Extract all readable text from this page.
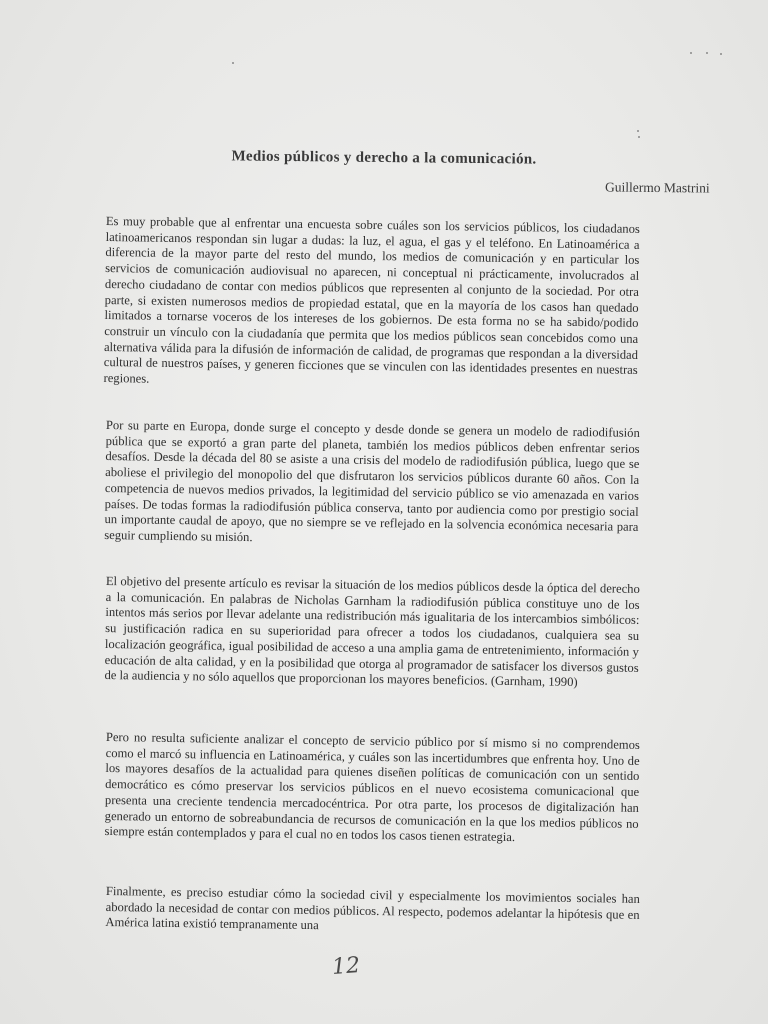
Medios públicos y derecho a la comunicación.
Guillermo Mastrini
Es muy probable que al enfrentar una encuesta sobre cuáles son los servicios públicos, los ciudadanos latinoamericanos respondan sin lugar a dudas: la luz, el agua, el gas y el teléfono. En Latinoamérica a diferencia de la mayor parte del resto del mundo, los medios de comunicación y en particular los servicios de comunicación audiovisual no aparecen, ni conceptual ni prácticamente, involucrados al derecho ciudadano de contar con medios públicos que representen al conjunto de la sociedad. Por otra parte, si existen numerosos medios de propiedad estatal, que en la mayoría de los casos han quedado limitados a tornarse voceros de los intereses de los gobiernos. De esta forma no se ha sabido/podido construir un vínculo con la ciudadanía que permita que los medios públicos sean concebidos como una alternativa válida para la difusión de información de calidad, de programas que respondan a la diversidad cultural de nuestros países, y generen ficciones que se vinculen con las identidades presentes en nuestras regiones.
Por su parte en Europa, donde surge el concepto y desde donde se genera un modelo de radiodifusión pública que se exportó a gran parte del planeta, también los medios públicos deben enfrentar serios desafíos. Desde la década del 80 se asiste a una crisis del modelo de radiodifusión pública, luego que se aboliese el privilegio del monopolio del que disfrutaron los servicios públicos durante 60 años. Con la competencia de nuevos medios privados, la legitimidad del servicio público se vio amenazada en varios países. De todas formas la radiodifusión pública conserva, tanto por audiencia como por prestigio social un importante caudal de apoyo, que no siempre se ve reflejado en la solvencia económica necesaria para seguir cumpliendo su misión.
El objetivo del presente artículo es revisar la situación de los medios públicos desde la óptica del derecho a la comunicación. En palabras de Nicholas Garnham la radiodifusión pública constituye uno de los intentos más serios por llevar adelante una redistribución más igualitaria de los intercambios simbólicos: su justificación radica en su superioridad para ofrecer a todos los ciudadanos, cualquiera sea su localización geográfica, igual posibilidad de acceso a una amplia gama de entretenimiento, información y educación de alta calidad, y en la posibilidad que otorga al programador de satisfacer los diversos gustos de la audiencia y no sólo aquellos que proporcionan los mayores beneficios. (Garnham, 1990)
Pero no resulta suficiente analizar el concepto de servicio público por sí mismo si no comprendemos como el marcó su influencia en Latinoamérica, y cuáles son las incertidumbres que enfrenta hoy. Uno de los mayores desafíos de la actualidad para quienes diseñen políticas de comunicación con un sentido democrático es cómo preservar los servicios públicos en el nuevo ecosistema comunicacional que presenta una creciente tendencia mercadocéntrica. Por otra parte, los procesos de digitalización han generado un entorno de sobreabundancia de recursos de comunicación en la que los medios públicos no siempre están contemplados y para el cual no en todos los casos tienen estrategia.
Finalmente, es preciso estudiar cómo la sociedad civil y especialmente los movimientos sociales han abordado la necesidad de contar con medios públicos. Al respecto, podemos adelantar la hipótesis que en América latina existió tempranamente una
12
